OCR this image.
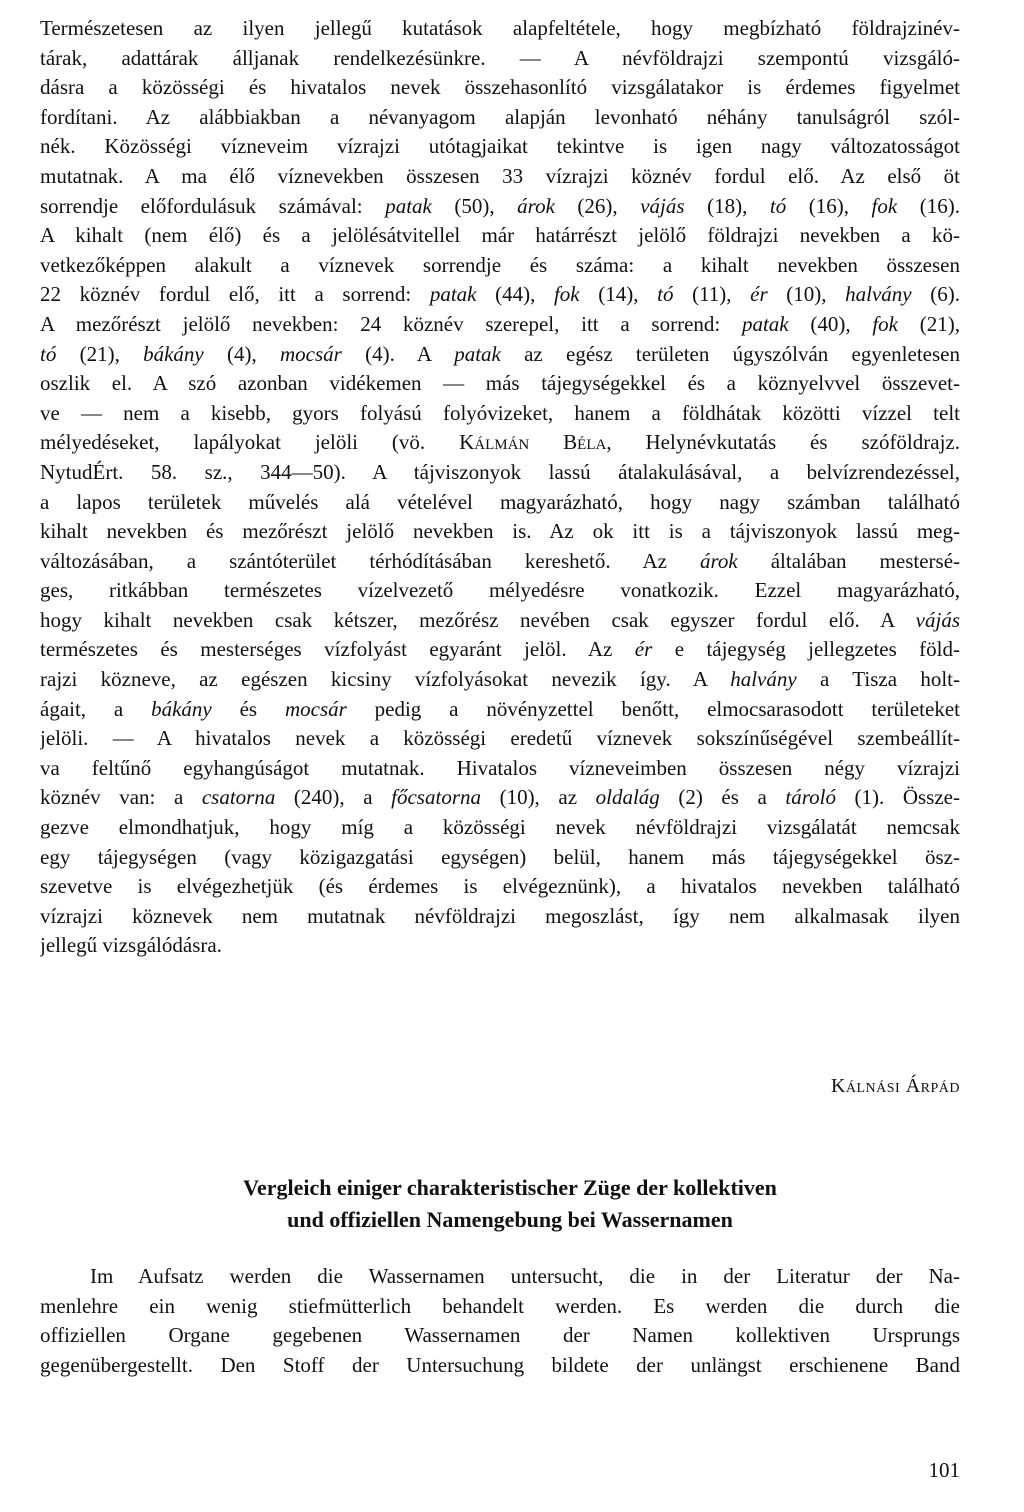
Természetesen az ilyen jellegű kutatások alapfeltétele, hogy megbízható földrajzinév-
tárak, adattárak álljanak rendelkezésünkre. — A névföldrajzi szempontú vizsgáló-
dásra a közösségi és hivatalos nevek összehasonlító vizsgálatakor is érdemes figyelmet
fordítani. Az alábbiakban a névanyagom alapján levonható néhány tanulságról szól-
nék. Közösségi vízneveim vízrajzi utótagjaikat tekintve is igen nagy változatosságot
mutatnak. A ma élő víznevekben összesen 33 vízrajzi köznév fordul elő. Az első öt
sorrendje előfordulásuk számával: patak (50), árok (26), vájás (18), tó (16), fok (16).
A kihalt (nem élő) és a jelölésátvitellel már határrészt jelölő földrajzi nevekben a kö-
vetkezőképpen alakult a víznevek sorrendje és száma: a kihalt nevekben összesen
22 köznév fordul elő, itt a sorrend: patak (44), fok (14), tó (11), ér (10), halvány (6).
A mezőrészt jelölő nevekben: 24 köznév szerepel, itt a sorrend: patak (40), fok (21),
tó (21), bákány (4), mocsár (4). A patak az egész területen úgyszólván egyenletesen
oszlik el. A szó azonban vidékemen — más tájegységekkel és a köznyelvvel összevet-
ve — nem a kisebb, gyors folyású folyóvizeket, hanem a földhátak közötti vízzel telt
mélyedéseket, lapályokat jelöli (vö. Kálmán Béla, Helynévkutatás és szóföldrajz.
NytudÉrt. 58. sz., 344—50). A tájviszonyok lassú átalakulásával, a belvízrendezéssel,
a lapos területek művelés alá vételével magyarázható, hogy nagy számban található
kihalt nevekben és mezőrészt jelölő nevekben is. Az ok itt is a tájviszonyok lassú meg-
változásában, a szántóterület térhódításában kereshető. Az árok általában mestersé-
ges, ritkábban természetes vízelvezető mélyedésre vonatkozik. Ezzel magyarázható,
hogy kihalt nevekben csak kétszer, mezőrész nevében csak egyszer fordul elő. A vájás
természetes és mesterséges vízfolyást egyaránt jelöl. Az ér e tájegység jellegzetes föld-
rajzi közneve, az egészen kicsiny vízfolyásokat nevezik így. A halvány a Tisza holt-
ágait, a bákány és mocsár pedig a növényzettel benőtt, elmocsarasodott területeket
jelöli. — A hivatalos nevek a közösségi eredetű víznevek sokszínűségével szembeállít-
va feltűnő egyhangúságot mutatnak. Hivatalos vízneveimben összesen négy vízrajzi
köznév van: a csatorna (240), a főcsatorna (10), az oldalág (2) és a tároló (1). Össze-
gezve elmondhatjuk, hogy míg a közösségi nevek névföldrajzi vizsgálatát nemcsak
egy tájegységen (vagy közigazgatási egységen) belül, hanem más tájegységekkel ösz-
szevetve is elvégezhetjük (és érdemes is elvégeznünk), a hivatalos nevekben található
vízrajzi köznevek nem mutatnak névföldrajzi megoszlást, így nem alkalmasak ilyen
jellegű vizsgálódásra.
Kálnási Árpád
Vergleich einiger charakteristischer Züge der kollektiven
und offiziellen Namengebung bei Wassernamen
Im Aufsatz werden die Wassernamen untersucht, die in der Literatur der Na-
menlehre ein wenig stiefmütterlich behandelt werden. Es werden die durch die
offiziellen Organe gegebenen Wassernamen der Namen kollektiven Ursprungs
gegenübergestellt. Den Stoff der Untersuchung bildete der unlängst erschienene Band
101
